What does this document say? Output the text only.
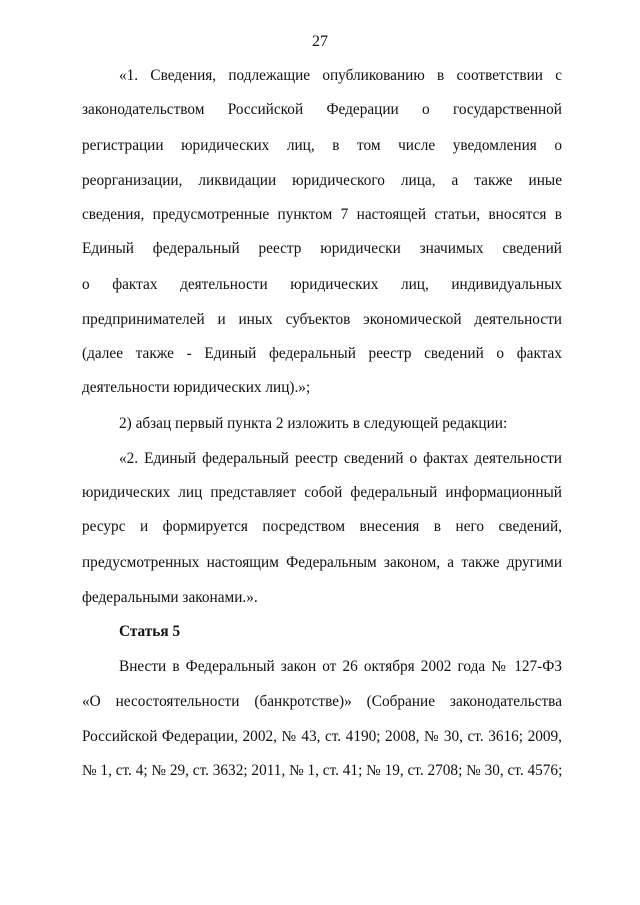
27
«1. Сведения, подлежащие опубликованию в соответствии с
законодательством Российской Федерации о государственной
регистрации юридических лиц, в том числе уведомления о
реорганизации, ликвидации юридического лица, а также иные
сведения, предусмотренные пунктом 7 настоящей статьи, вносятся в
Единый федеральный реестр юридически значимых сведений
о фактах деятельности юридических лиц, индивидуальных
предпринимателей и иных субъектов экономической деятельности
(далее также - Единый федеральный реестр сведений о фактах
деятельности юридических лиц).»;
2) абзац первый пункта 2 изложить в следующей редакции:
«2. Единый федеральный реестр сведений о фактах деятельности
юридических лиц представляет собой федеральный информационный
ресурс и формируется посредством внесения в него сведений,
предусмотренных настоящим Федеральным законом, а также другими
федеральными законами.».
Статья 5
Внести в Федеральный закон от 26 октября 2002 года № 127-ФЗ
«О несостоятельности (банкротстве)» (Собрание законодательства
Российской Федерации, 2002, № 43, ст. 4190; 2008, № 30, ст. 3616; 2009,
№ 1, ст. 4; № 29, ст. 3632; 2011, № 1, ст. 41; № 19, ст. 2708; № 30, ст. 4576;
